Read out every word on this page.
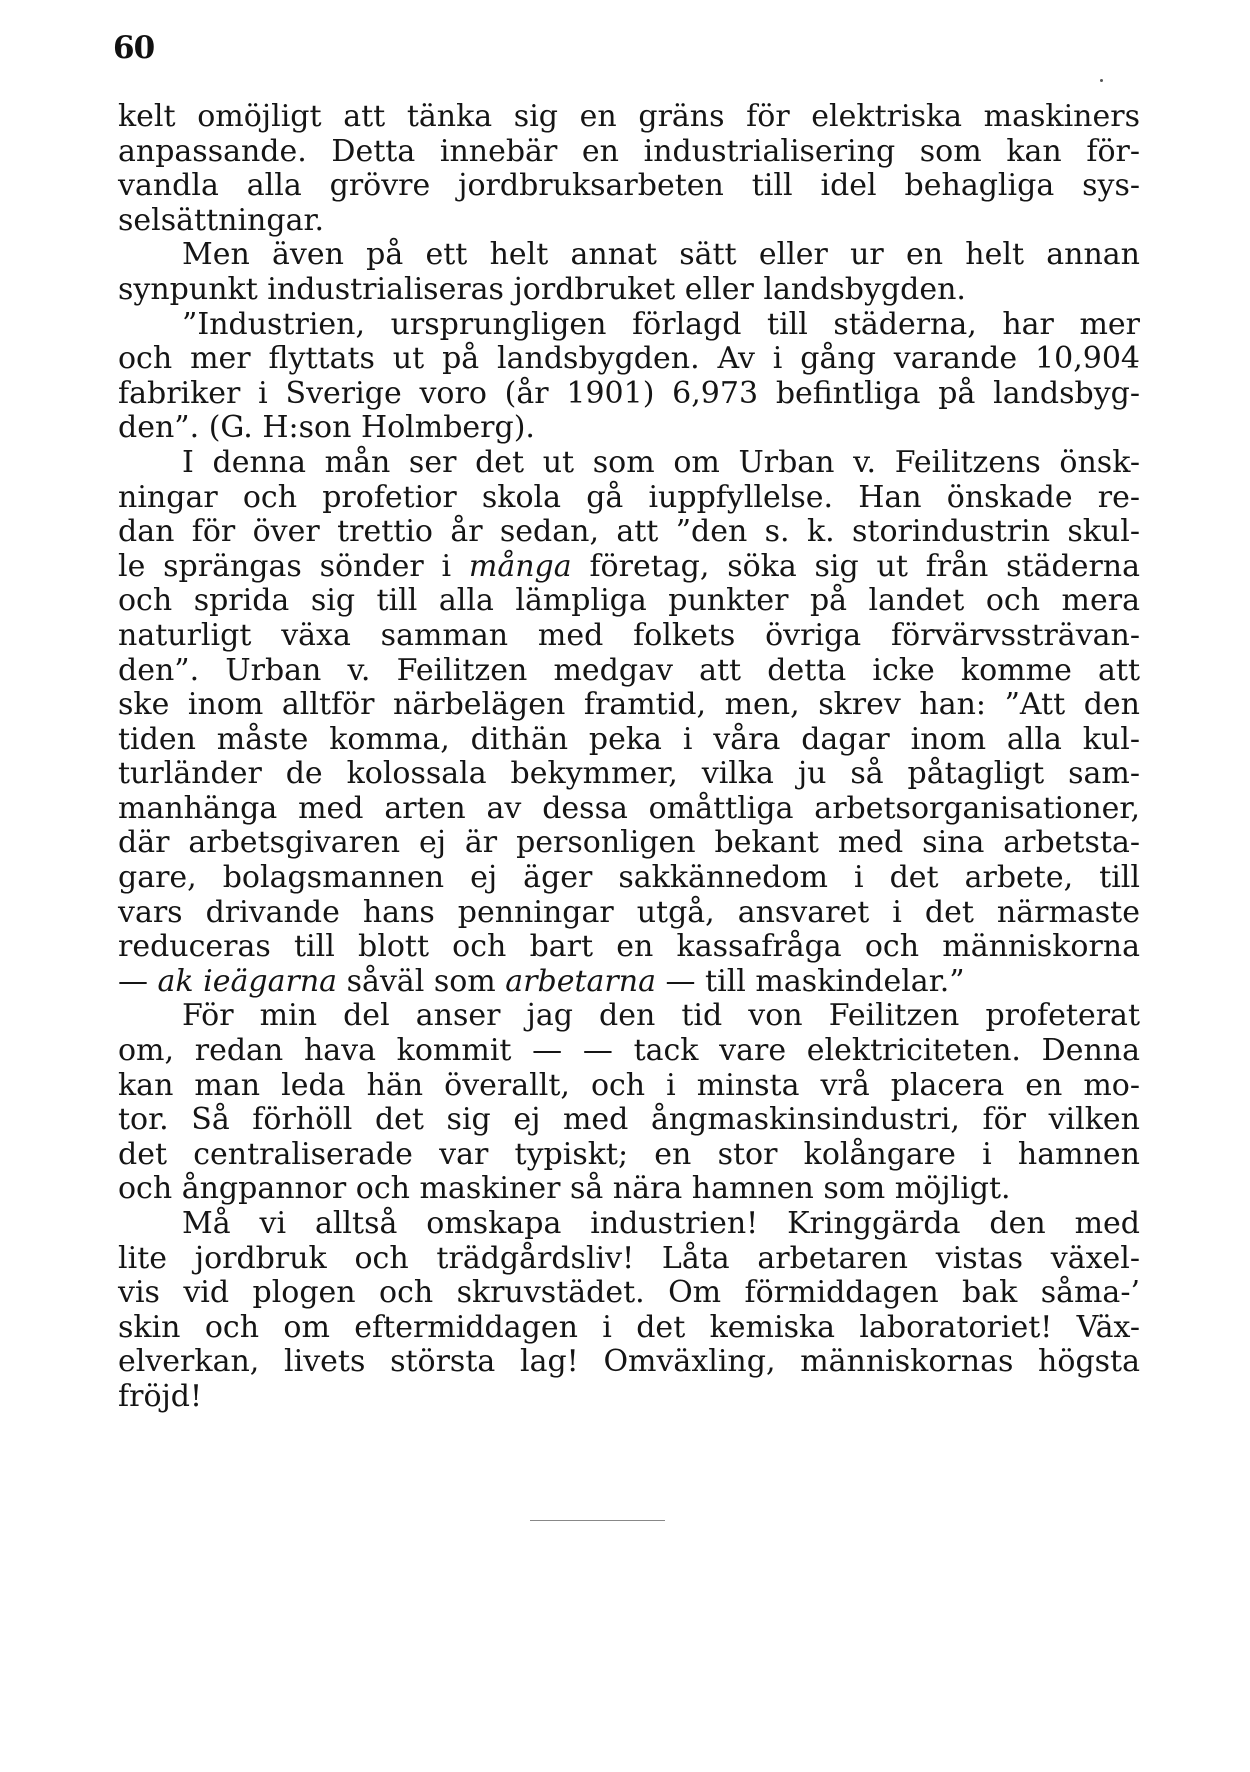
60
kelt omöjligt att tänka sig en gräns för elektriska maskiners
anpassande. Detta innebär en industrialisering som kan för-
vandla alla grövre jordbruksarbeten till idel behagliga sys-
selsättningar.
Men även på ett helt annat sätt eller ur en helt annan
synpunkt industrialiseras jordbruket eller landsbygden.
”Industrien, ursprungligen förlagd till städerna, har mer
och mer flyttats ut på landsbygden. Av i gång varande 10,904
fabriker i Sverige voro (år 1901) 6,973 befintliga på landsbyg-
den”. (G. H:son Holmberg).
I denna mån ser det ut som om Urban v. Feilitzens önsk-
ningar och profetior skola gå iuppfyllelse. Han önskade re-
dan för över trettio år sedan, att ”den s. k. storindustrin skul-
le sprängas sönder i många företag, söka sig ut från städerna
och sprida sig till alla lämpliga punkter på landet och mera
naturligt växa samman med folkets övriga förvärvssträvan-
den”. Urban v. Feilitzen medgav att detta icke komme att
ske inom alltför närbelägen framtid, men, skrev han: ”Att den
tiden måste komma, dithän peka i våra dagar inom alla kul-
turländer de kolossala bekymmer, vilka ju så påtagligt sam-
manhänga med arten av dessa omåttliga arbetsorganisationer,
där arbetsgivaren ej är personligen bekant med sina arbetsta-
gare, bolagsmannen ej äger sakkännedom i det arbete, till
vars drivande hans penningar utgå, ansvaret i det närmaste
reduceras till blott och bart en kassafråga och människorna
— ak ieägarna såväl som arbetarna — till maskindelar.”
För min del anser jag den tid von Feilitzen profeterat
om, redan hava kommit — — tack vare elektriciteten. Denna
kan man leda hän överallt, och i minsta vrå placera en mo-
tor. Så förhöll det sig ej med ångmaskinsindustri, för vilken
det centraliserade var typiskt; en stor kolångare i hamnen
och ångpannor och maskiner så nära hamnen som möjligt.
Må vi alltså omskapa industrien! Kringgärda den med
lite jordbruk och trädgårdsliv! Låta arbetaren vistas växel-
vis vid plogen och skruvstädet. Om förmiddagen bak såma-’
skin och om eftermiddagen i det kemiska laboratoriet! Väx-
elverkan, livets största lag! Omväxling, människornas högsta
fröjd!
